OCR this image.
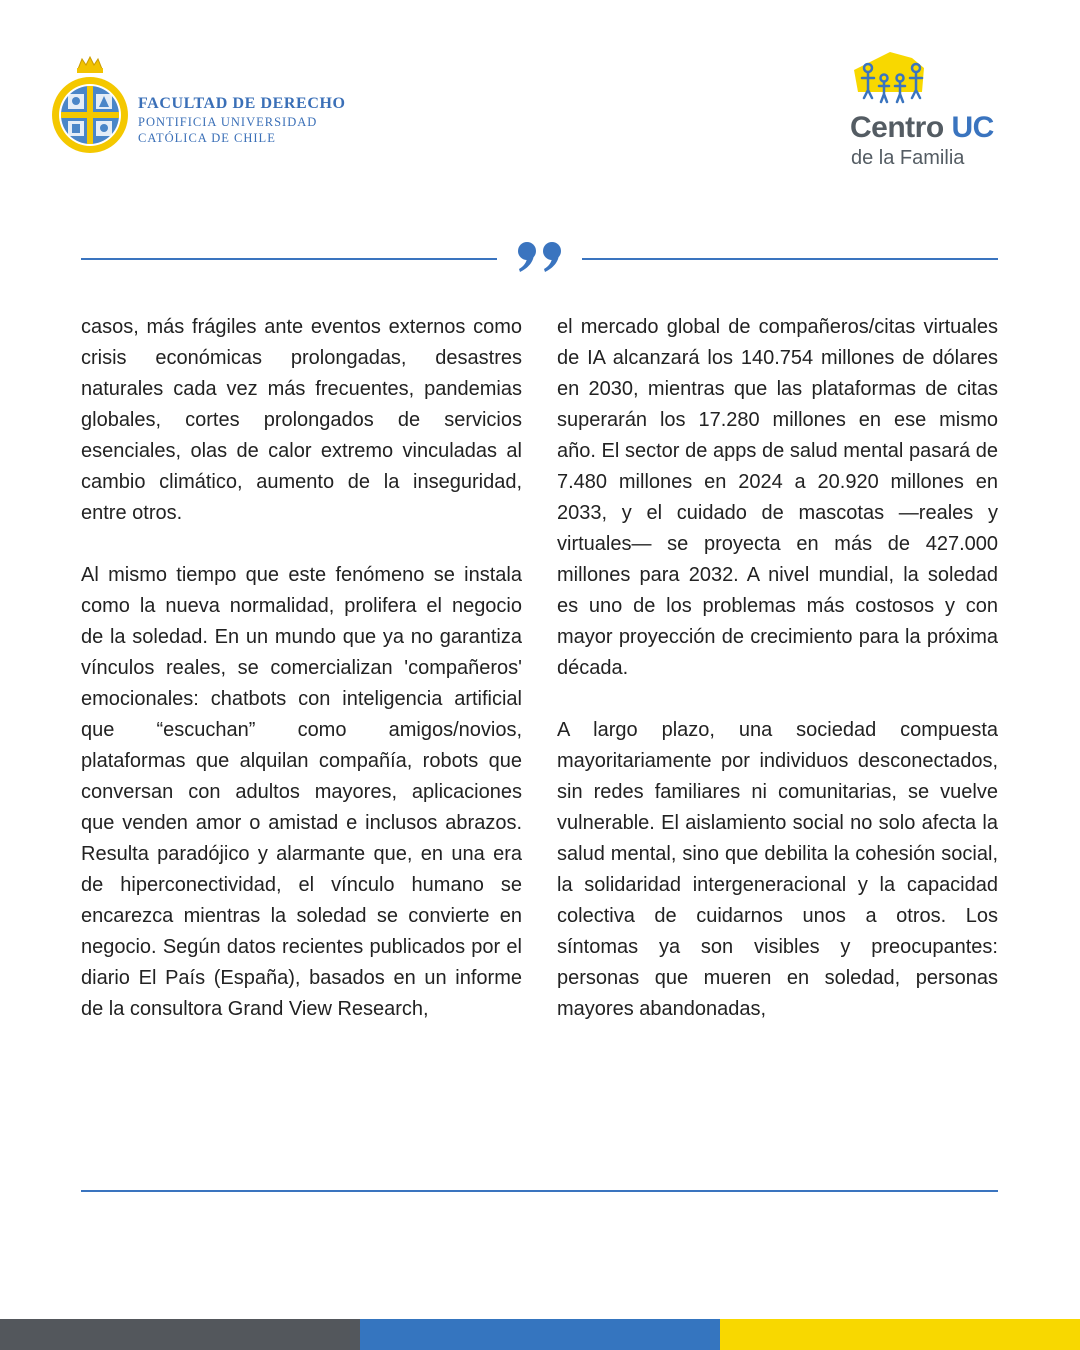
FACULTAD DE DERECHO
PONTIFICIA UNIVERSIDAD
CATÓLICA DE CHILE	Centro UC
de la Familia

casos, más frágiles ante eventos externos como crisis económicas prolongadas, desastres naturales cada vez más frecuentes, pandemias globales, cortes prolongados de servicios esenciales, olas de calor extremo vinculadas al cambio climático, aumento de la inseguridad, entre otros.

Al mismo tiempo que este fenómeno se instala como la nueva normalidad, prolifera el negocio de la soledad. En un mundo que ya no garantiza vínculos reales, se comercializan 'compañeros' emocionales: chatbots con inteligencia artificial que “escuchan” como amigos/novios, plataformas que alquilan compañía, robots que conversan con adultos mayores, aplicaciones que venden amor o amistad e inclusos abrazos. Resulta paradójico y alarmante que, en una era de hiperconectividad, el vínculo humano se encarezca mientras la soledad se convierte en negocio. Según datos recientes publicados por el diario El País (España), basados en un informe de la consultora Grand View Research,

el mercado global de compañeros/citas virtuales de IA alcanzará los 140.754 millones de dólares en 2030, mientras que las plataformas de citas superarán los 17.280 millones en ese mismo año. El sector de apps de salud mental pasará de 7.480 millones en 2024 a 20.920 millones en 2033, y el cuidado de mascotas —reales y virtuales— se proyecta en más de 427.000 millones para 2032. A nivel mundial, la soledad es uno de los problemas más costosos y con mayor proyección de crecimiento para la próxima década.

A largo plazo, una sociedad compuesta mayoritariamente por individuos desconectados, sin redes familiares ni comunitarias, se vuelve vulnerable. El aislamiento social no solo afecta la salud mental, sino que debilita la cohesión social, la solidaridad intergeneracional y la capacidad colectiva de cuidarnos unos a otros. Los síntomas ya son visibles y preocupantes: personas que mueren en soledad, personas mayores abandonadas,
